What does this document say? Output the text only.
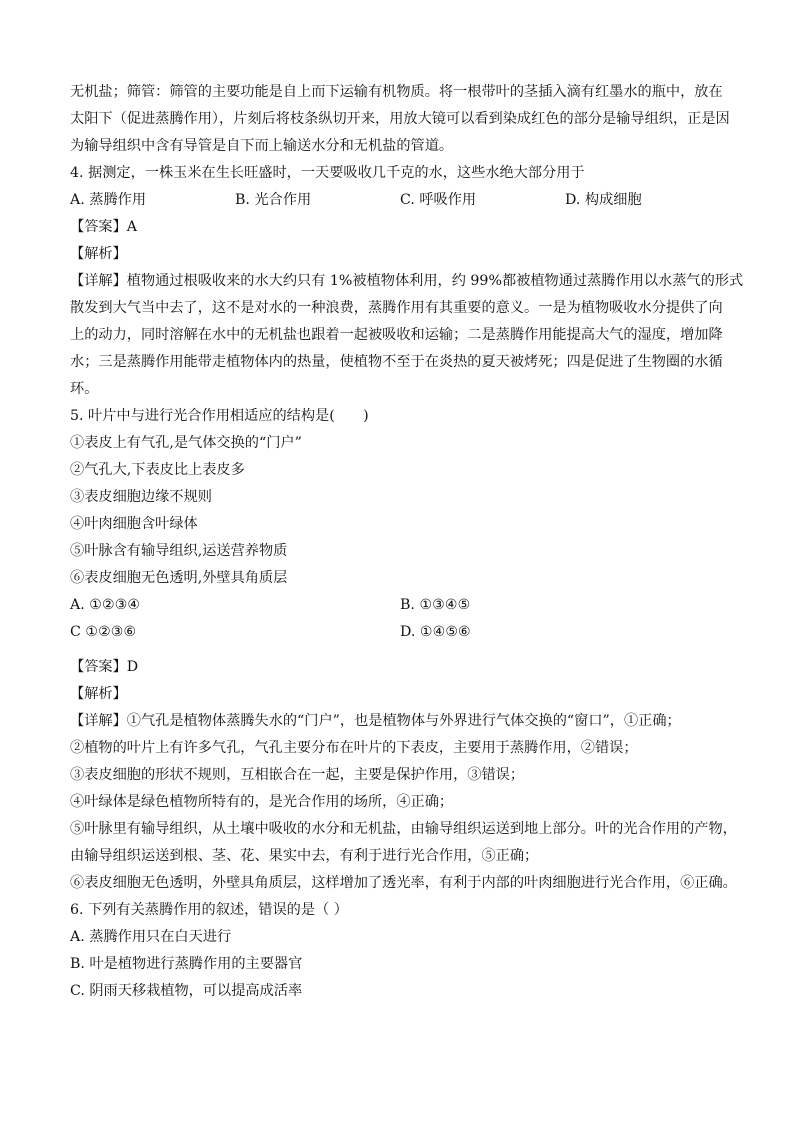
无机盐；筛管：筛管的主要功能是自上而下运输有机物质。将一根带叶的茎插入滴有红墨水的瓶中，放在

太阳下（促进蒸腾作用），片刻后将枝条纵切开来，用放大镜可以看到染成红色的部分是输导组织，正是因

为输导组织中含有导管是自下而上输送水分和无机盐的管道。

4. 据测定，一株玉米在生长旺盛时，一天要吸收几千克的水，这些水绝大部分用于

A. 蒸腾作用	B. 光合作用	C. 呼吸作用	D. 构成细胞

【答案】A

【解析】

【详解】植物通过根吸收来的水大约只有 1%被植物体利用，约 99%都被植物通过蒸腾作用以水蒸气的形式

散发到大气当中去了，这不是对水的一种浪费，蒸腾作用有其重要的意义。一是为植物吸收水分提供了向

上的动力，同时溶解在水中的无机盐也跟着一起被吸收和运输；二是蒸腾作用能提高大气的湿度，增加降

水；三是蒸腾作用能带走植物体内的热量，使植物不至于在炎热的夏天被烤死；四是促进了生物圈的水循

环。

5. 叶片中与进行光合作用相适应的结构是(　　)

①表皮上有气孔,是气体交换的“门户”

②气孔大,下表皮比上表皮多

③表皮细胞边缘不规则

④叶肉细胞含叶绿体

⑤叶脉含有输导组织,运送营养物质

⑥表皮细胞无色透明,外壁具角质层

A. ①②③④	B. ①③④⑤
C ①②③⑥	D. ①④⑤⑥

【答案】D

【解析】

【详解】①气孔是植物体蒸腾失水的“门户”，也是植物体与外界进行气体交换的“窗口”，①正确；

②植物的叶片上有许多气孔，气孔主要分布在叶片的下表皮，主要用于蒸腾作用，②错误；

③表皮细胞的形状不规则，互相嵌合在一起，主要是保护作用，③错误；

④叶绿体是绿色植物所特有的，是光合作用的场所，④正确；

⑤叶脉里有输导组织，从土壤中吸收的水分和无机盐，由输导组织运送到地上部分。叶的光合作用的产物，

由输导组织运送到根、茎、花、果实中去，有利于进行光合作用，⑤正确；

⑥表皮细胞无色透明，外壁具角质层，这样增加了透光率，有利于内部的叶肉细胞进行光合作用，⑥正确。

6. 下列有关蒸腾作用的叙述，错误的是（ ）

A. 蒸腾作用只在白天进行

B. 叶是植物进行蒸腾作用的主要器官

C. 阴雨天移栽植物，可以提高成活率
